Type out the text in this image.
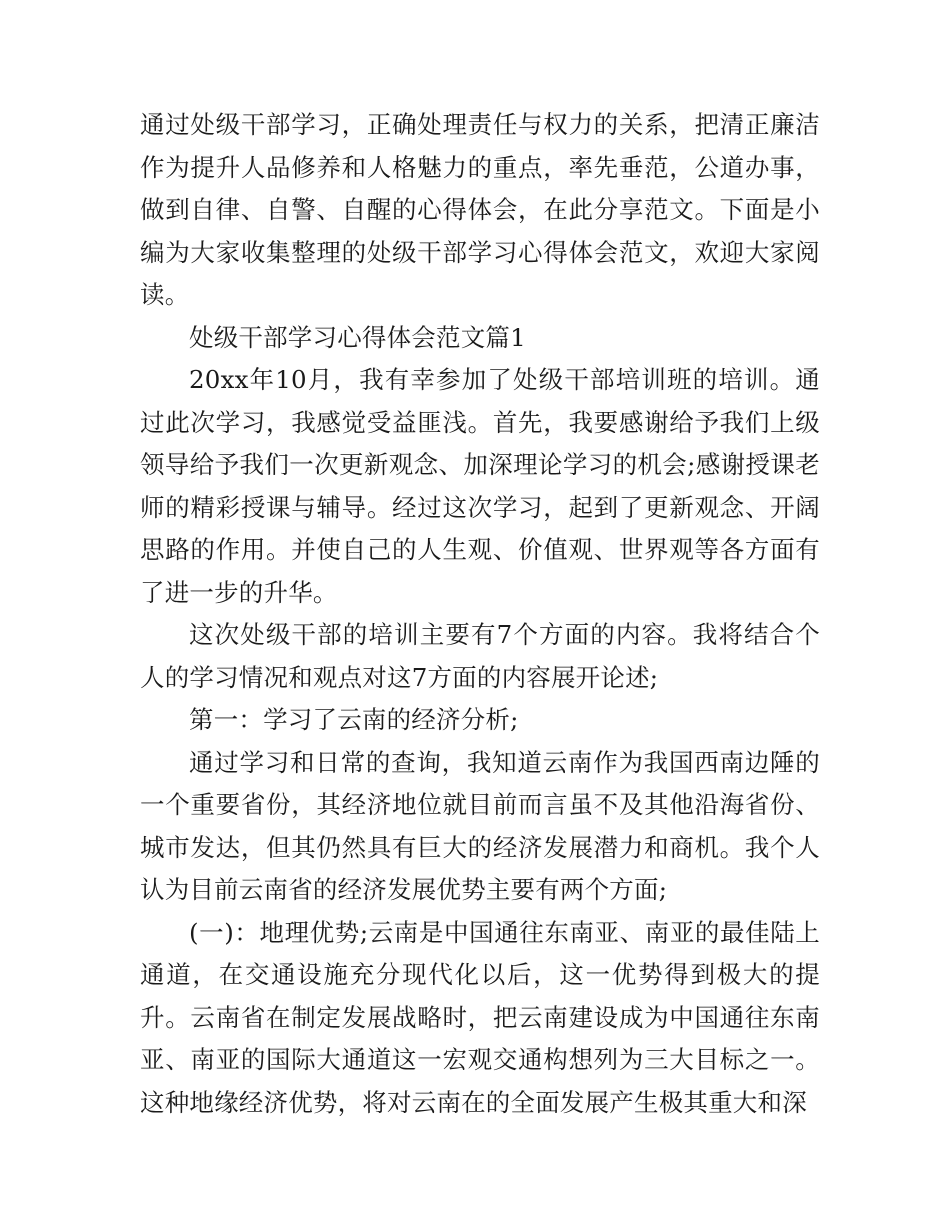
通过处级干部学习，正确处理责任与权力的关系，把清正廉洁作为提升人品修养和人格魅力的重点，率先垂范，公道办事，做到自律、自警、自醒的心得体会，在此分享范文。下面是小编为大家收集整理的处级干部学习心得体会范文，欢迎大家阅读。

处级干部学习心得体会范文篇1

20xx年10月，我有幸参加了处级干部培训班的培训。通过此次学习，我感觉受益匪浅。首先，我要感谢给予我们上级领导给予我们一次更新观念、加深理论学习的机会;感谢授课老师的精彩授课与辅导。经过这次学习，起到了更新观念、开阔思路的作用。并使自己的人生观、价值观、世界观等各方面有了进一步的升华。

这次处级干部的培训主要有7个方面的内容。我将结合个人的学习情况和观点对这7方面的内容展开论述;

第一：学习了云南的经济分析;

通过学习和日常的查询，我知道云南作为我国西南边陲的一个重要省份，其经济地位就目前而言虽不及其他沿海省份、城市发达，但其仍然具有巨大的经济发展潜力和商机。我个人认为目前云南省的经济发展优势主要有两个方面;

(一)：地理优势;云南是中国通往东南亚、南亚的最佳陆上通道，在交通设施充分现代化以后，这一优势得到极大的提升。云南省在制定发展战略时，把云南建设成为中国通往东南亚、南亚的国际大通道这一宏观交通构想列为三大目标之一。这种地缘经济优势，将对云南在的全面发展产生极其重大和深
